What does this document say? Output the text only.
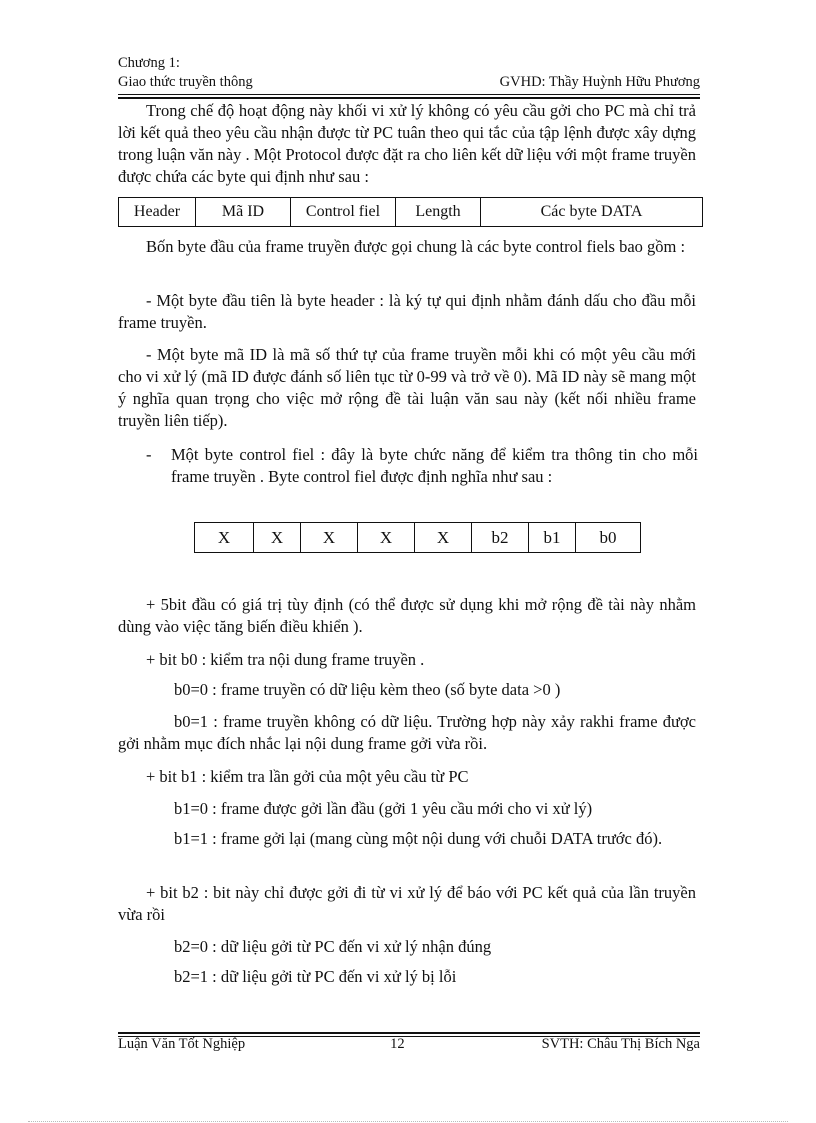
Chương 1:
Giao thức truyền thông	GVHD: Thầy Huỳnh Hữu Phương

Trong chế độ hoạt động này khối vi xử lý không có yêu cầu gởi cho PC mà chỉ trả lời kết quả theo yêu cầu nhận được từ PC tuân theo qui tắc của tập lệnh được xây dựng trong luận văn này . Một Protocol được đặt ra cho liên kết dữ liệu với một frame truyền được chứa các byte qui định như sau :

Header	Mã ID	Control fiel	Length	Các byte DATA

Bốn byte đầu của frame truyền được gọi chung là các byte control fiels bao gồm :

- Một byte đầu tiên là byte header : là ký tự qui định nhằm đánh dấu cho đầu mỗi frame truyền.

- Một byte mã ID là mã số thứ tự của frame truyền mỗi khi có một yêu cầu mới cho vi xử lý (mã ID được đánh số liên tục từ 0-99 và trở về 0). Mã ID này sẽ mang một ý nghĩa quan trọng cho việc mở rộng đề tài luận văn sau này (kết nối nhiều frame truyền liên tiếp).

- Một byte control fiel : đây là byte chức năng để kiểm tra thông tin cho mỗi frame truyền . Byte control fiel được định nghĩa như sau :
X	X	X	X	X	b2	b1	b0

+ 5bit đầu có giá trị tùy định (có thể được sử dụng khi mở rộng đề tài này nhằm dùng vào việc tăng biến điều khiển ).

+ bit b0 : kiểm tra nội dung frame truyền .
b0=0 : frame truyền có dữ liệu kèm theo (số byte data >0 )

b0=1 : frame truyền không có dữ liệu. Trường hợp này xảy rakhi frame được gởi nhằm mục đích nhắc lại nội dung frame gởi vừa rồi.

+ bit b1 : kiểm tra lần gởi của một yêu cầu từ PC
b1=0 : frame được gởi lần đầu (gởi 1 yêu cầu mới cho vi xử lý)

b1=1 : frame gởi lại (mang cùng một nội dung với chuỗi DATA trước đó).

+ bit b2 : bit này chỉ được gởi đi từ vi xử lý để báo với PC kết quả của lần truyền vừa rồi

b2=0 : dữ liệu gởi từ PC đến vi xử lý nhận đúng
b2=1 : dữ liệu gởi từ PC đến vi xử lý bị lỗi
Luận Văn Tốt Nghiệp	12	SVTH: Châu Thị Bích Nga
